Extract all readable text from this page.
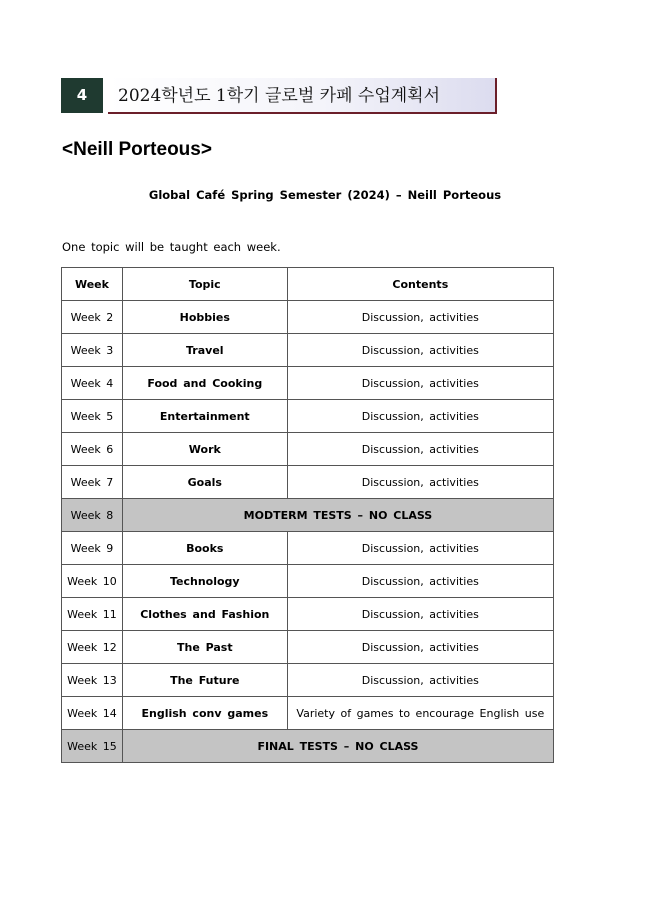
4	2024학년도 1학기 글로벌 카페 수업계획서
<Neill Porteous>
Global Café Spring Semester (2024) – Neill Porteous
One topic will be taught each week.
Week	Topic	Contents
Week 2	Hobbies	Discussion, activities
Week 3	Travel	Discussion, activities
Week 4	Food and Cooking	Discussion, activities
Week 5	Entertainment	Discussion, activities
Week 6	Work	Discussion, activities
Week 7	Goals	Discussion, activities
Week 8	MODTERM TESTS – NO CLASS	
Week 9	Books	Discussion, activities
Week 10	Technology	Discussion, activities
Week 11	Clothes and Fashion	Discussion, activities
Week 12	The Past	Discussion, activities
Week 13	The Future	Discussion, activities
Week 14	English conv games	Variety of games to encourage English use
Week 15	FINAL TESTS – NO CLASS	
